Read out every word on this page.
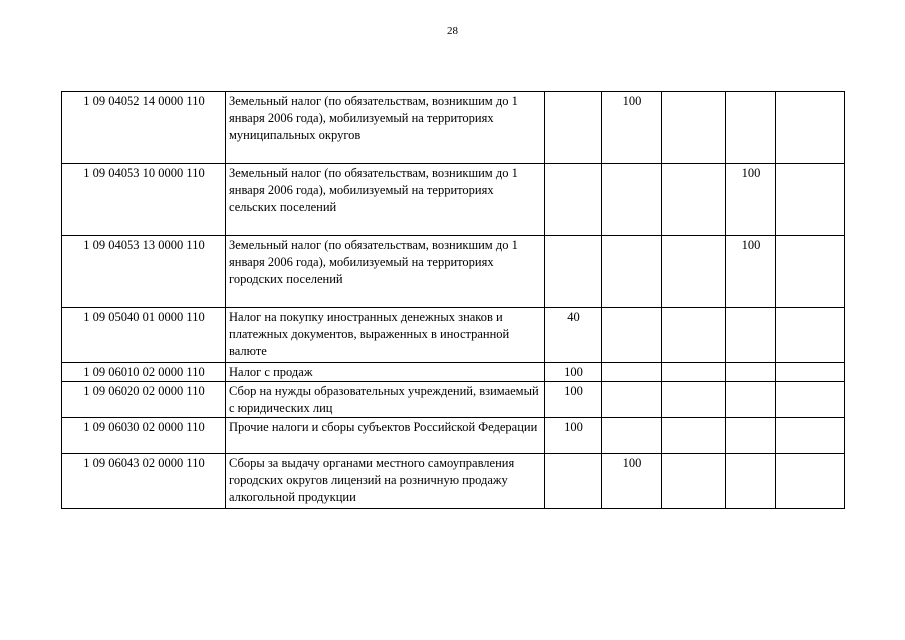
28
1 09 04052 14 0000 110	Земельный налог (по обязательствам, возникшим до 1 января 2006 года), мобилизуемый на территориях муниципальных округов		100			
1 09 04053 10 0000 110	Земельный налог (по обязательствам, возникшим до 1 января 2006 года), мобилизуемый на территориях сельских поселений				100	
1 09 04053 13 0000 110	Земельный налог (по обязательствам, возникшим до 1 января 2006 года), мобилизуемый на территориях городских поселений				100	
1 09 05040 01 0000 110	Налог на покупку иностранных денежных знаков и платежных документов, выраженных в иностранной валюте	40				
1 09 06010 02 0000 110	Налог с продаж	100				
1 09 06020 02 0000 110	Сбор на нужды образовательных учреждений, взимаемый с юридических лиц	100				
1 09 06030 02 0000 110	Прочие налоги и сборы субъектов Российской Федерации	100				
1 09 06043 02 0000 110	Сборы за выдачу органами местного самоуправления городских округов лицензий на розничную продажу алкогольной продукции		100			
